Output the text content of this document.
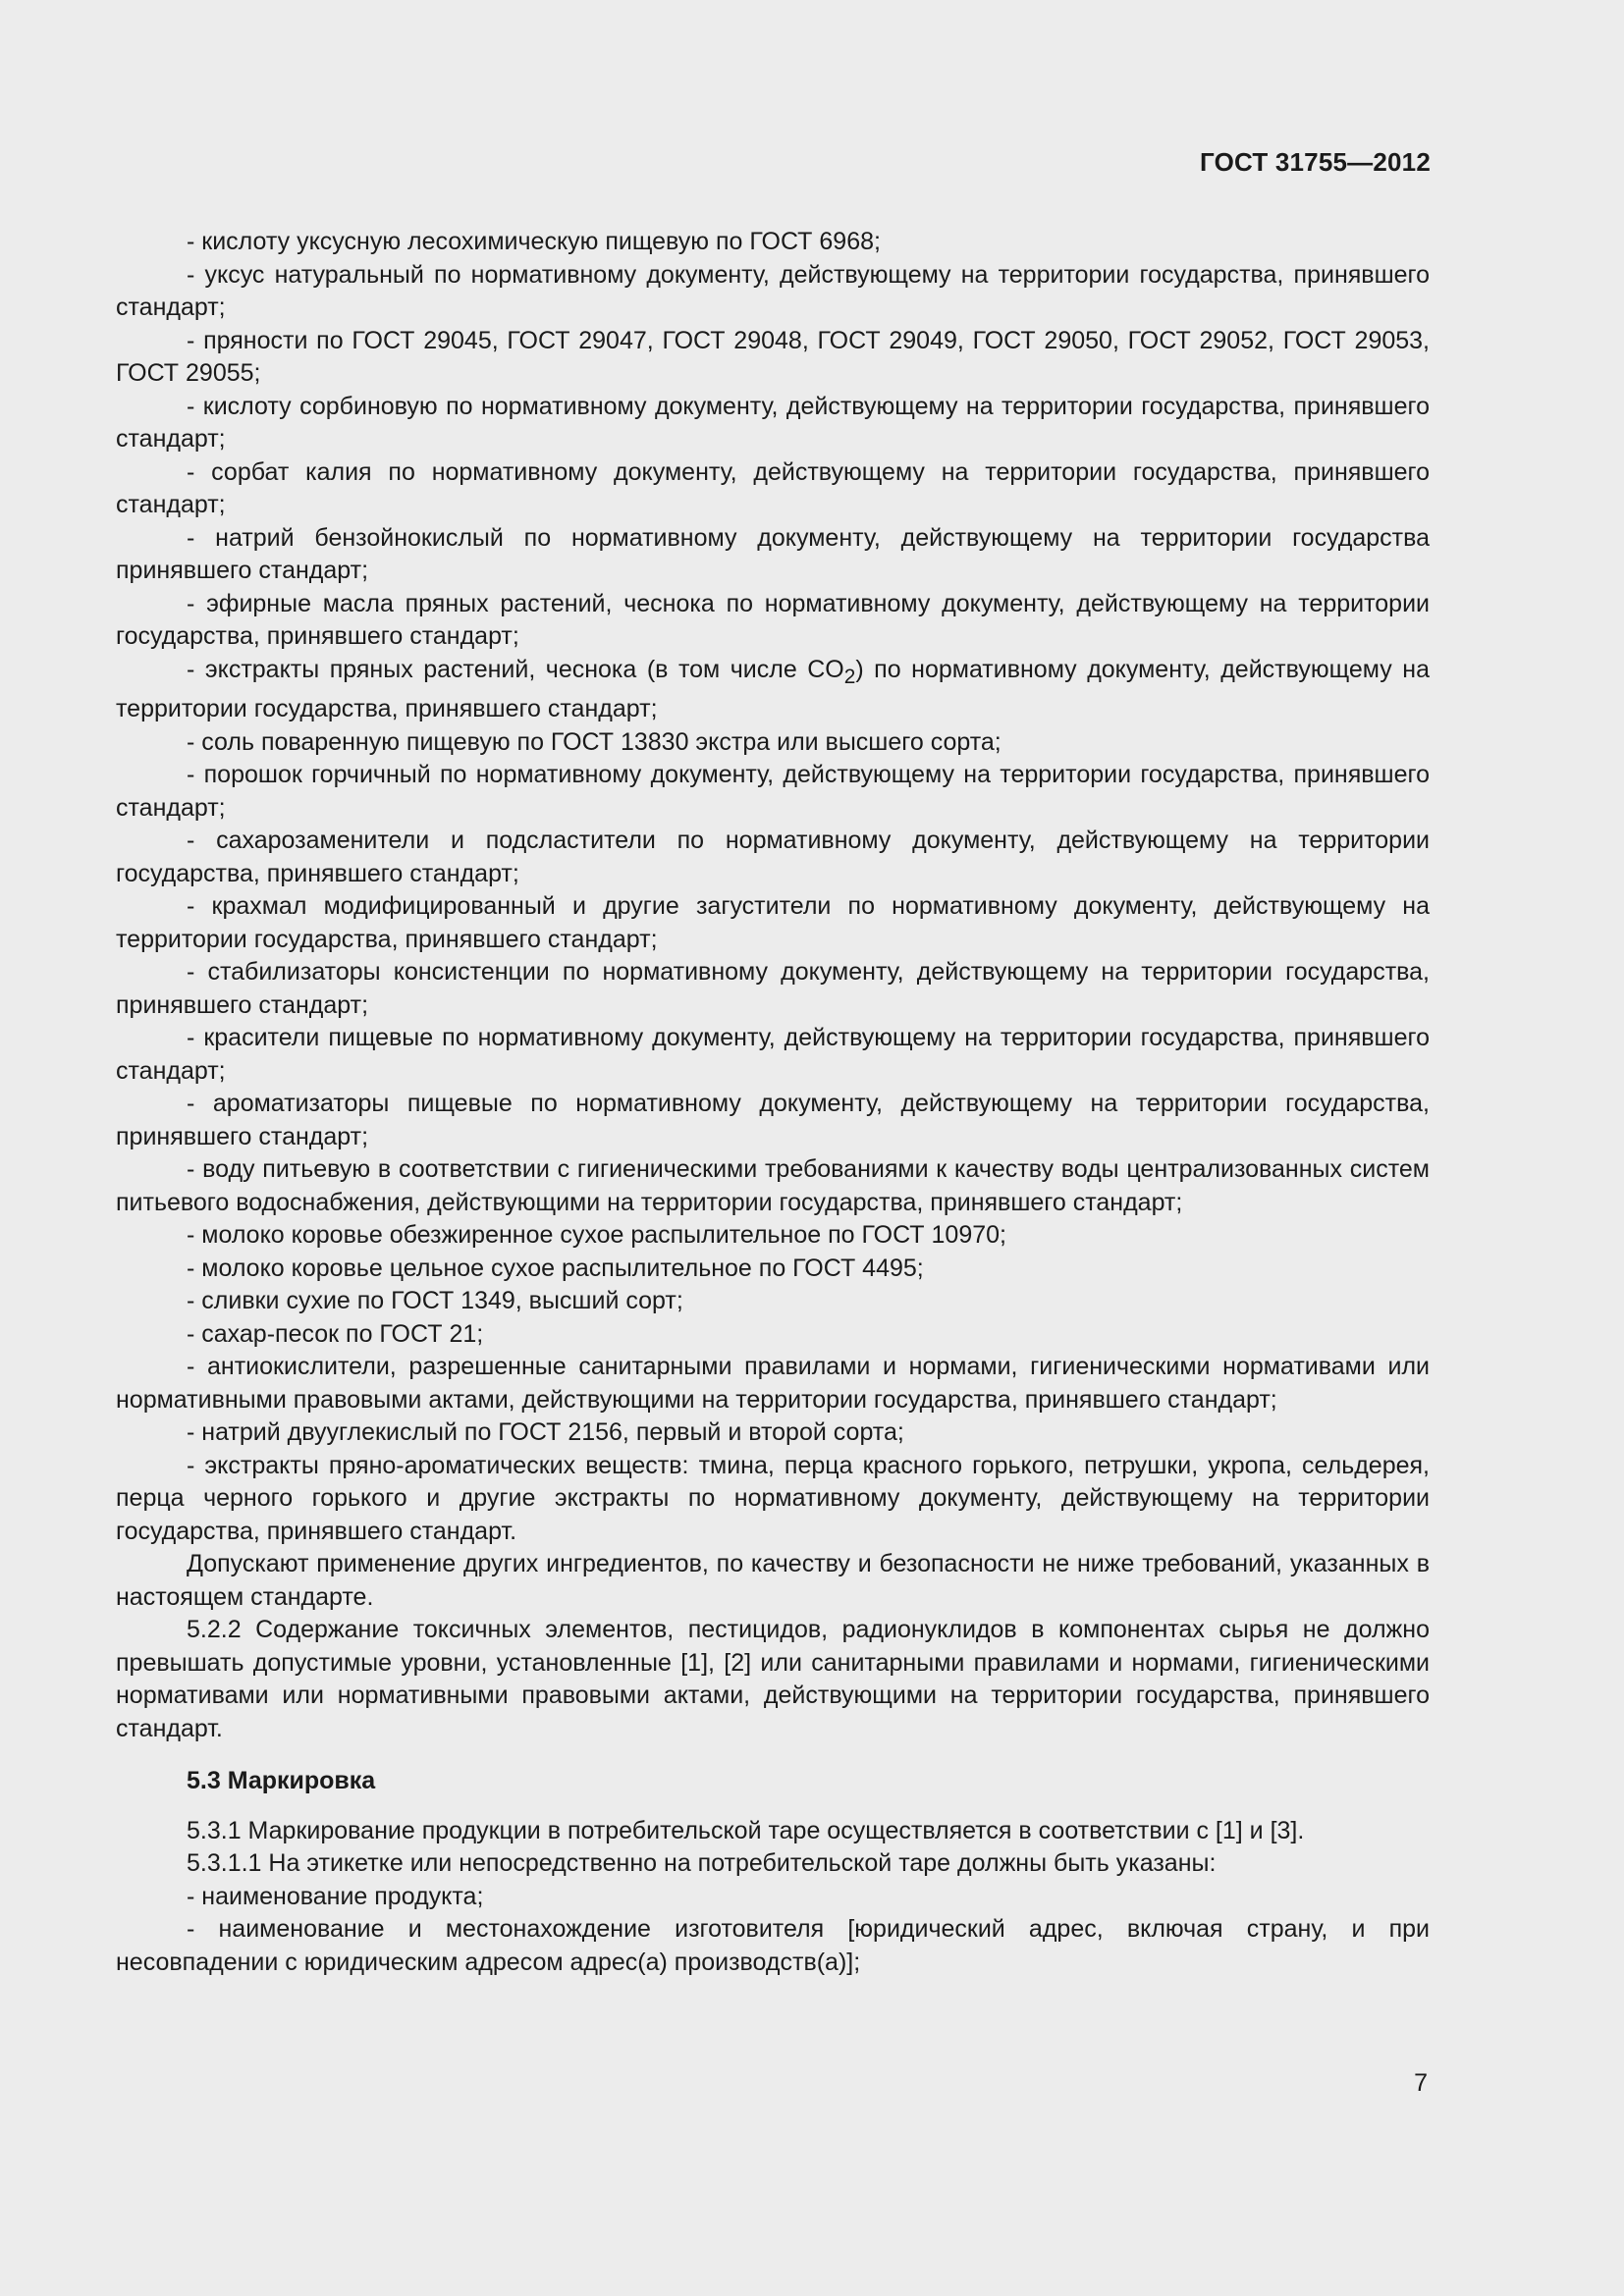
ГОСТ 31755—2012

- кислоту уксусную лесохимическую пищевую по ГОСТ 6968;

- уксус натуральный по нормативному документу, действующему на территории государства, принявшего стандарт;

- пряности по ГОСТ 29045, ГОСТ 29047, ГОСТ 29048, ГОСТ 29049, ГОСТ 29050, ГОСТ 29052, ГОСТ 29053, ГОСТ 29055;

- кислоту сорбиновую по нормативному документу, действующему на территории государства, принявшего стандарт;

- сорбат калия по нормативному документу, действующему на территории государства, принявшего стандарт;

- натрий бензойнокислый по нормативному документу, действующему на территории государства принявшего стандарт;

- эфирные масла пряных растений, чеснока по нормативному документу, действующему на территории государства, принявшего стандарт;

- экстракты пряных растений, чеснока (в том числе $CO_2$) по нормативному документу, действующему на территории государства, принявшего стандарт;

- соль поваренную пищевую по ГОСТ 13830 экстра или высшего сорта;

- порошок горчичный по нормативному документу, действующему на территории государства, принявшего стандарт;

- сахарозаменители и подсластители по нормативному документу, действующему на территории государства, принявшего стандарт;

- крахмал модифицированный и другие загустители по нормативному документу, действующему на территории государства, принявшего стандарт;

- стабилизаторы консистенции по нормативному документу, действующему на территории государства, принявшего стандарт;

- красители пищевые по нормативному документу, действующему на территории государства, принявшего стандарт;

- ароматизаторы пищевые по нормативному документу, действующему на территории государства, принявшего стандарт;

- воду питьевую в соответствии с гигиеническими требованиями к качеству воды централизованных систем питьевого водоснабжения, действующими на территории государства, принявшего стандарт;

- молоко коровье обезжиренное сухое распылительное по ГОСТ 10970;

- молоко коровье цельное сухое распылительное по ГОСТ 4495;

- сливки сухие по ГОСТ 1349, высший сорт;

- сахар-песок по ГОСТ 21;

- антиокислители, разрешенные санитарными правилами и нормами, гигиеническими нормативами или нормативными правовыми актами, действующими на территории государства, принявшего стандарт;

- натрий двууглекислый по ГОСТ 2156, первый и второй сорта;

- экстракты пряно-ароматических веществ: тмина, перца красного горького, петрушки, укропа, сельдерея, перца черного горького и другие экстракты по нормативному документу, действующему на территории государства, принявшего стандарт.

Допускают применение других ингредиентов, по качеству и безопасности не ниже требований, указанных в настоящем стандарте.

5.2.2 Содержание токсичных элементов, пестицидов, радионуклидов в компонентах сырья не должно превышать допустимые уровни, установленные [1], [2] или санитарными правилами и нормами, гигиеническими нормативами или нормативными правовыми актами, действующими на территории государства, принявшего стандарт.

5.3 Маркировка

5.3.1 Маркирование продукции в потребительской таре осуществляется в соответствии с [1] и [3].

5.3.1.1 На этикетке или непосредственно на потребительской таре должны быть указаны:

- наименование продукта;

- наименование и местонахождение изготовителя [юридический адрес, включая страну, и при несовпадении с юридическим адресом адрес(а) производств(а)];

7
